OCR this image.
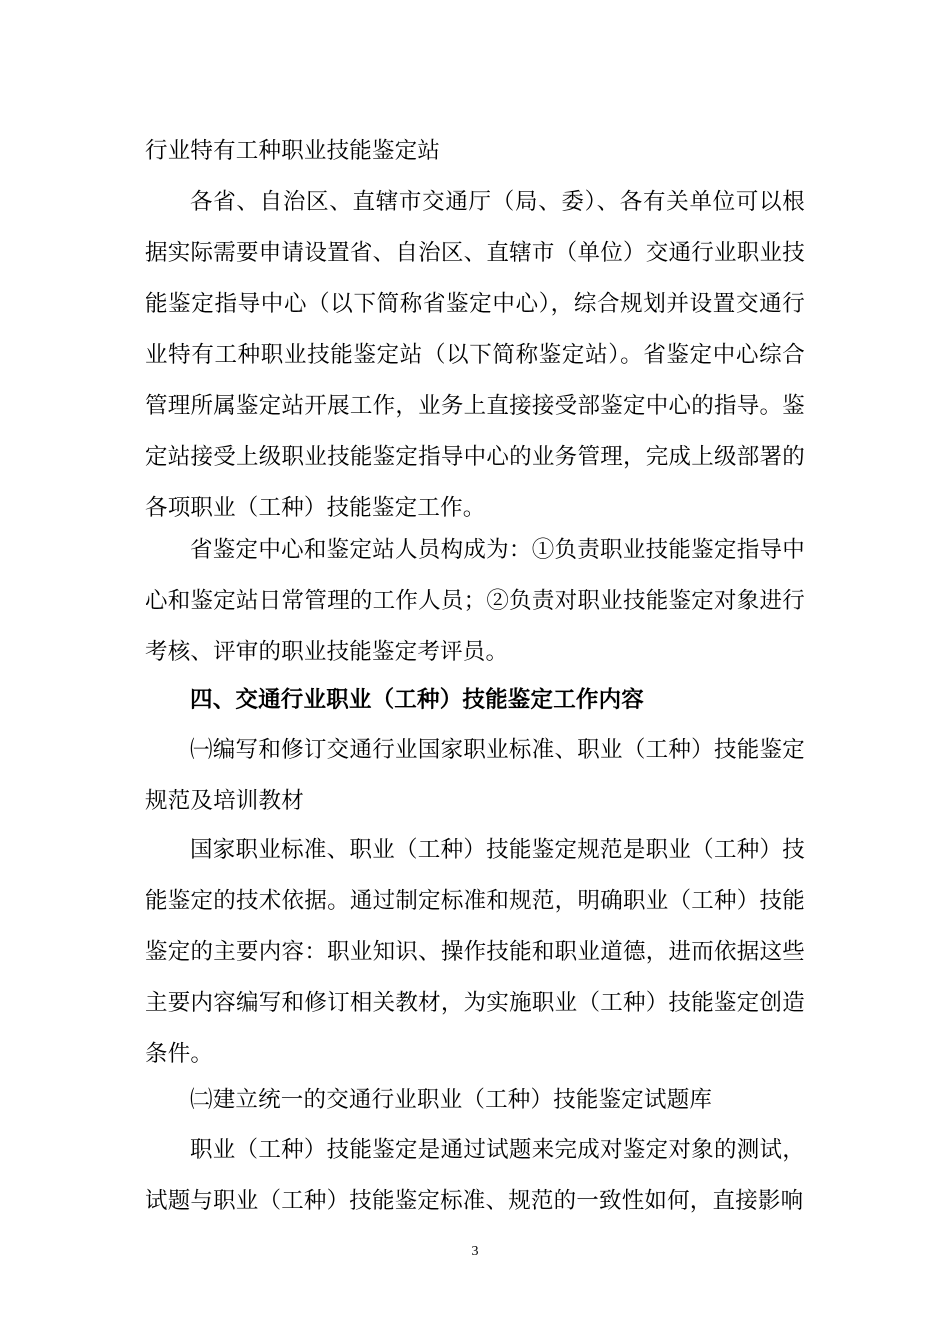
行业特有工种职业技能鉴定站

各省、自治区、直辖市交通厅（局、委）、各有关单位可以根据实际需要申请设置省、自治区、直辖市（单位）交通行业职业技能鉴定指导中心（以下简称省鉴定中心），综合规划并设置交通行业特有工种职业技能鉴定站（以下简称鉴定站）。省鉴定中心综合管理所属鉴定站开展工作，业务上直接接受部鉴定中心的指导。鉴定站接受上级职业技能鉴定指导中心的业务管理，完成上级部署的各项职业（工种）技能鉴定工作。

省鉴定中心和鉴定站人员构成为：①负责职业技能鉴定指导中心和鉴定站日常管理的工作人员；②负责对职业技能鉴定对象进行考核、评审的职业技能鉴定考评员。

四、交通行业职业（工种）技能鉴定工作内容

㈠编写和修订交通行业国家职业标准、职业（工种）技能鉴定规范及培训教材

国家职业标准、职业（工种）技能鉴定规范是职业（工种）技能鉴定的技术依据。通过制定标准和规范，明确职业（工种）技能鉴定的主要内容：职业知识、操作技能和职业道德，进而依据这些主要内容编写和修订相关教材，为实施职业（工种）技能鉴定创造条件。

㈡建立统一的交通行业职业（工种）技能鉴定试题库

职业（工种）技能鉴定是通过试题来完成对鉴定对象的测试，试题与职业（工种）技能鉴定标准、规范的一致性如何，直接影响

3
